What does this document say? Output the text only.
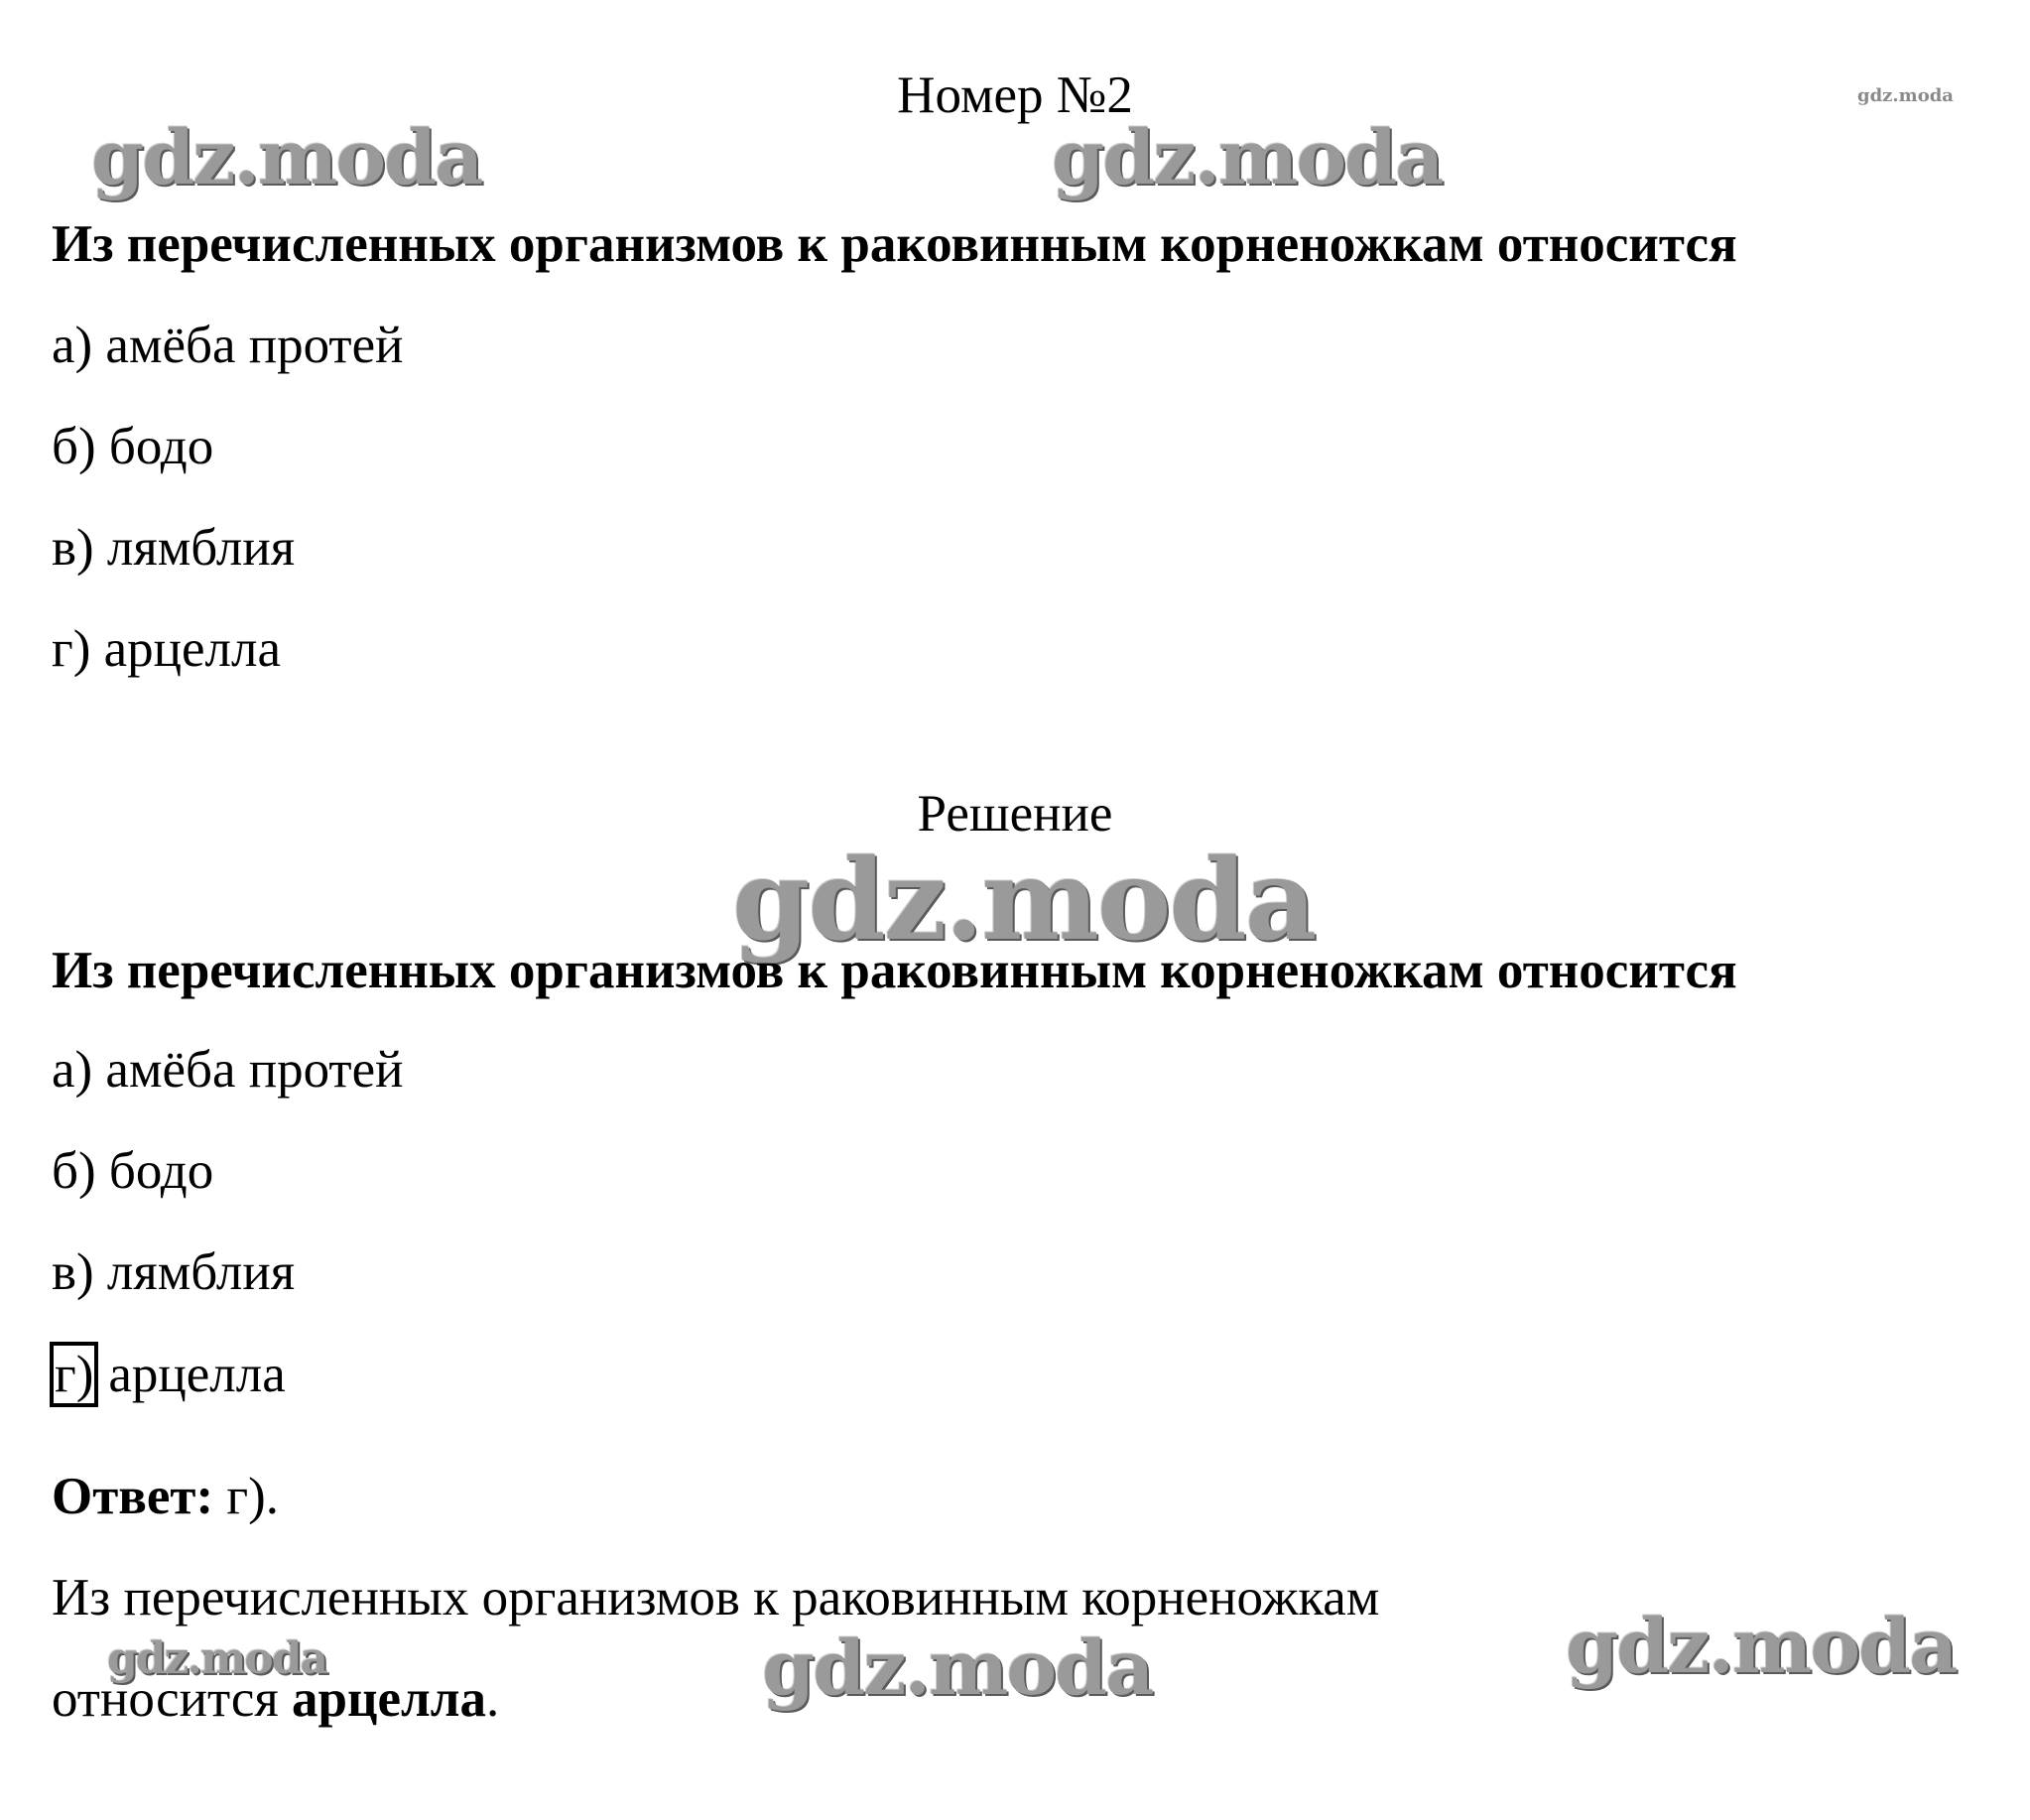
gdz.moda
gdz.moda	gdz.moda
gdz.moda
gdz.moda
gdz.moda	gdz.moda
Номер №2
Из перечисленных организмов к раковинным корненожкам относится
а) амёба протей
б) бодо
в) лямблия
г) арцелла
Решение
Из перечисленных организмов к раковинным корненожкам относится
а) амёба протей
б) бодо
в) лямблия
г) арцелла
Ответ: г).
Из перечисленных организмов к раковинным корненожкам
относится арцелла.
